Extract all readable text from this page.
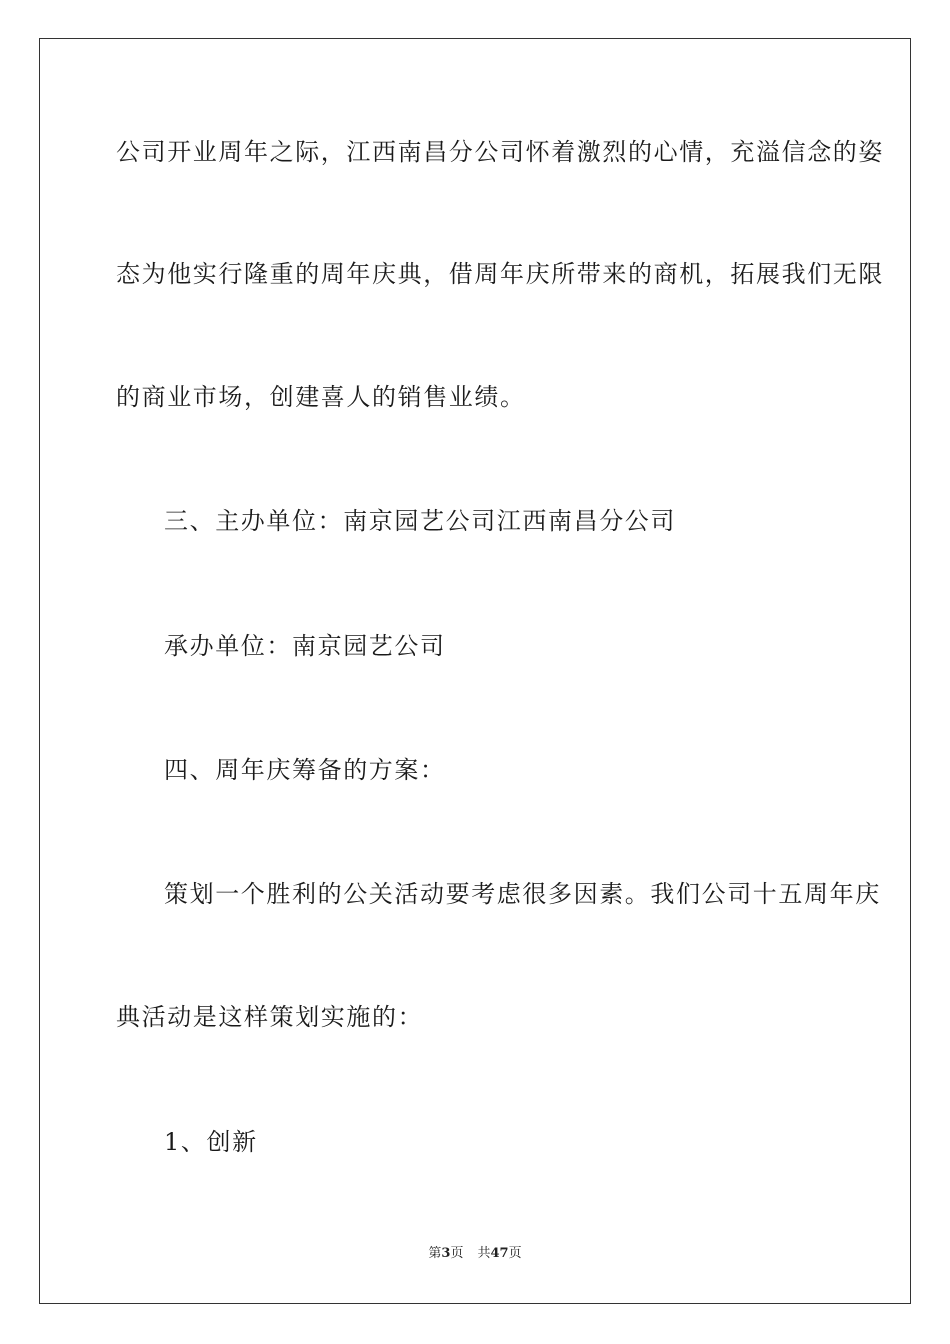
公司开业周年之际，江西南昌分公司怀着激烈的心情，充溢信念的姿
态为他实行隆重的周年庆典，借周年庆所带来的商机，拓展我们无限
的商业市场，创建喜人的销售业绩。
三、主办单位：南京园艺公司江西南昌分公司
承办单位：南京园艺公司
四、周年庆筹备的方案：
策划一个胜利的公关活动要考虑很多因素。我们公司十五周年庆
典活动是这样策划实施的：
1、创新
第3页 共47页
